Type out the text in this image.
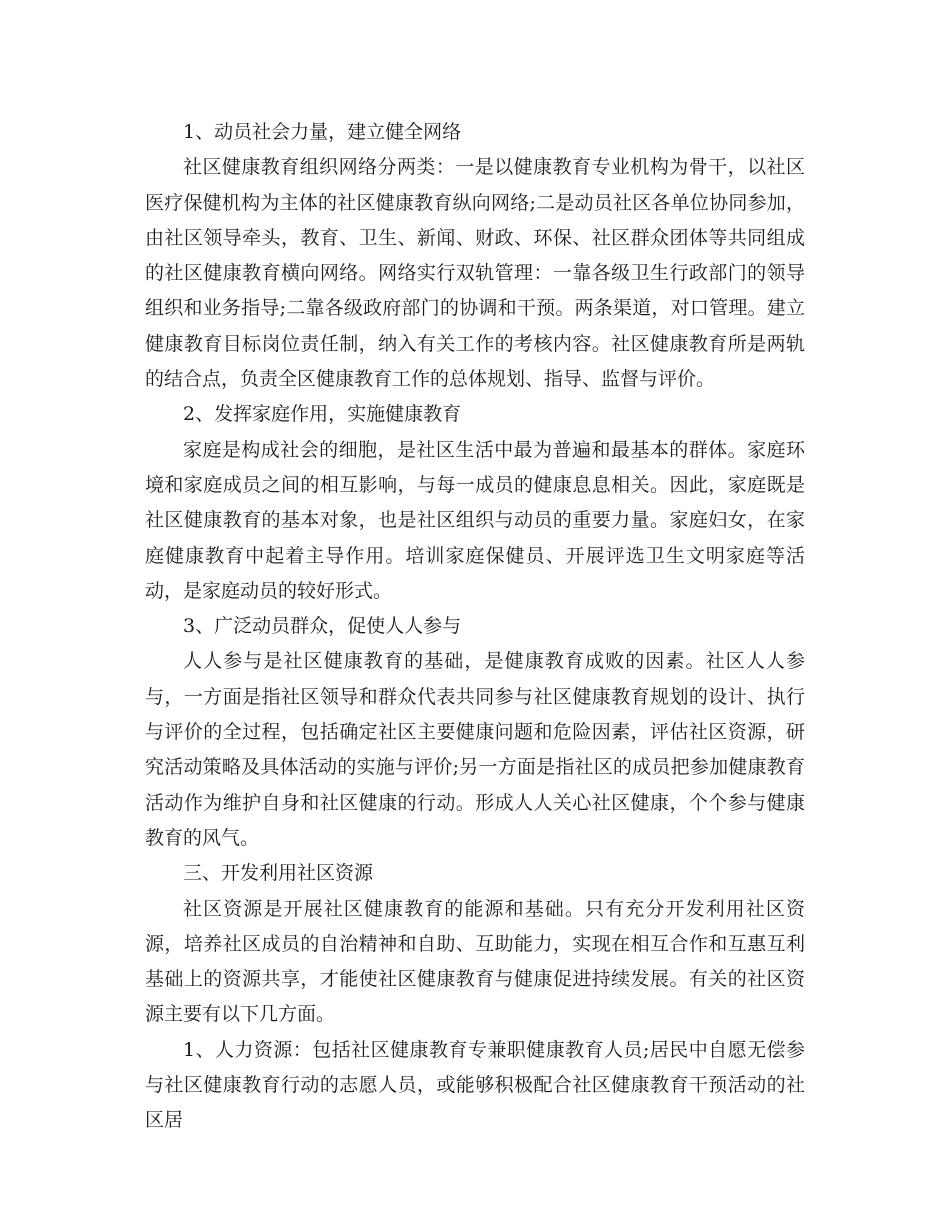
1、动员社会力量，建立健全网络

社区健康教育组织网络分两类：一是以健康教育专业机构为骨干，以社区医疗保健机构为主体的社区健康教育纵向网络;二是动员社区各单位协同参加，由社区领导牵头，教育、卫生、新闻、财政、环保、社区群众团体等共同组成的社区健康教育横向网络。网络实行双轨管理：一靠各级卫生行政部门的领导组织和业务指导;二靠各级政府部门的协调和干预。两条渠道，对口管理。建立健康教育目标岗位责任制，纳入有关工作的考核内容。社区健康教育所是两轨的结合点，负责全区健康教育工作的总体规划、指导、监督与评价。

2、发挥家庭作用，实施健康教育

家庭是构成社会的细胞，是社区生活中最为普遍和最基本的群体。家庭环境和家庭成员之间的相互影响，与每一成员的健康息息相关。因此，家庭既是社区健康教育的基本对象，也是社区组织与动员的重要力量。家庭妇女，在家庭健康教育中起着主导作用。培训家庭保健员、开展评选卫生文明家庭等活动，是家庭动员的较好形式。

3、广泛动员群众，促使人人参与

人人参与是社区健康教育的基础，是健康教育成败的因素。社区人人参与，一方面是指社区领导和群众代表共同参与社区健康教育规划的设计、执行与评价的全过程，包括确定社区主要健康问题和危险因素，评估社区资源，研究活动策略及具体活动的实施与评价;另一方面是指社区的成员把参加健康教育活动作为维护自身和社区健康的行动。形成人人关心社区健康，个个参与健康教育的风气。

三、开发利用社区资源

社区资源是开展社区健康教育的能源和基础。只有充分开发利用社区资源，培养社区成员的自治精神和自助、互助能力，实现在相互合作和互惠互利基础上的资源共享，才能使社区健康教育与健康促进持续发展。有关的社区资源主要有以下几方面。

1、人力资源：包括社区健康教育专兼职健康教育人员;居民中自愿无偿参与社区健康教育行动的志愿人员，或能够积极配合社区健康教育干预活动的社区居
